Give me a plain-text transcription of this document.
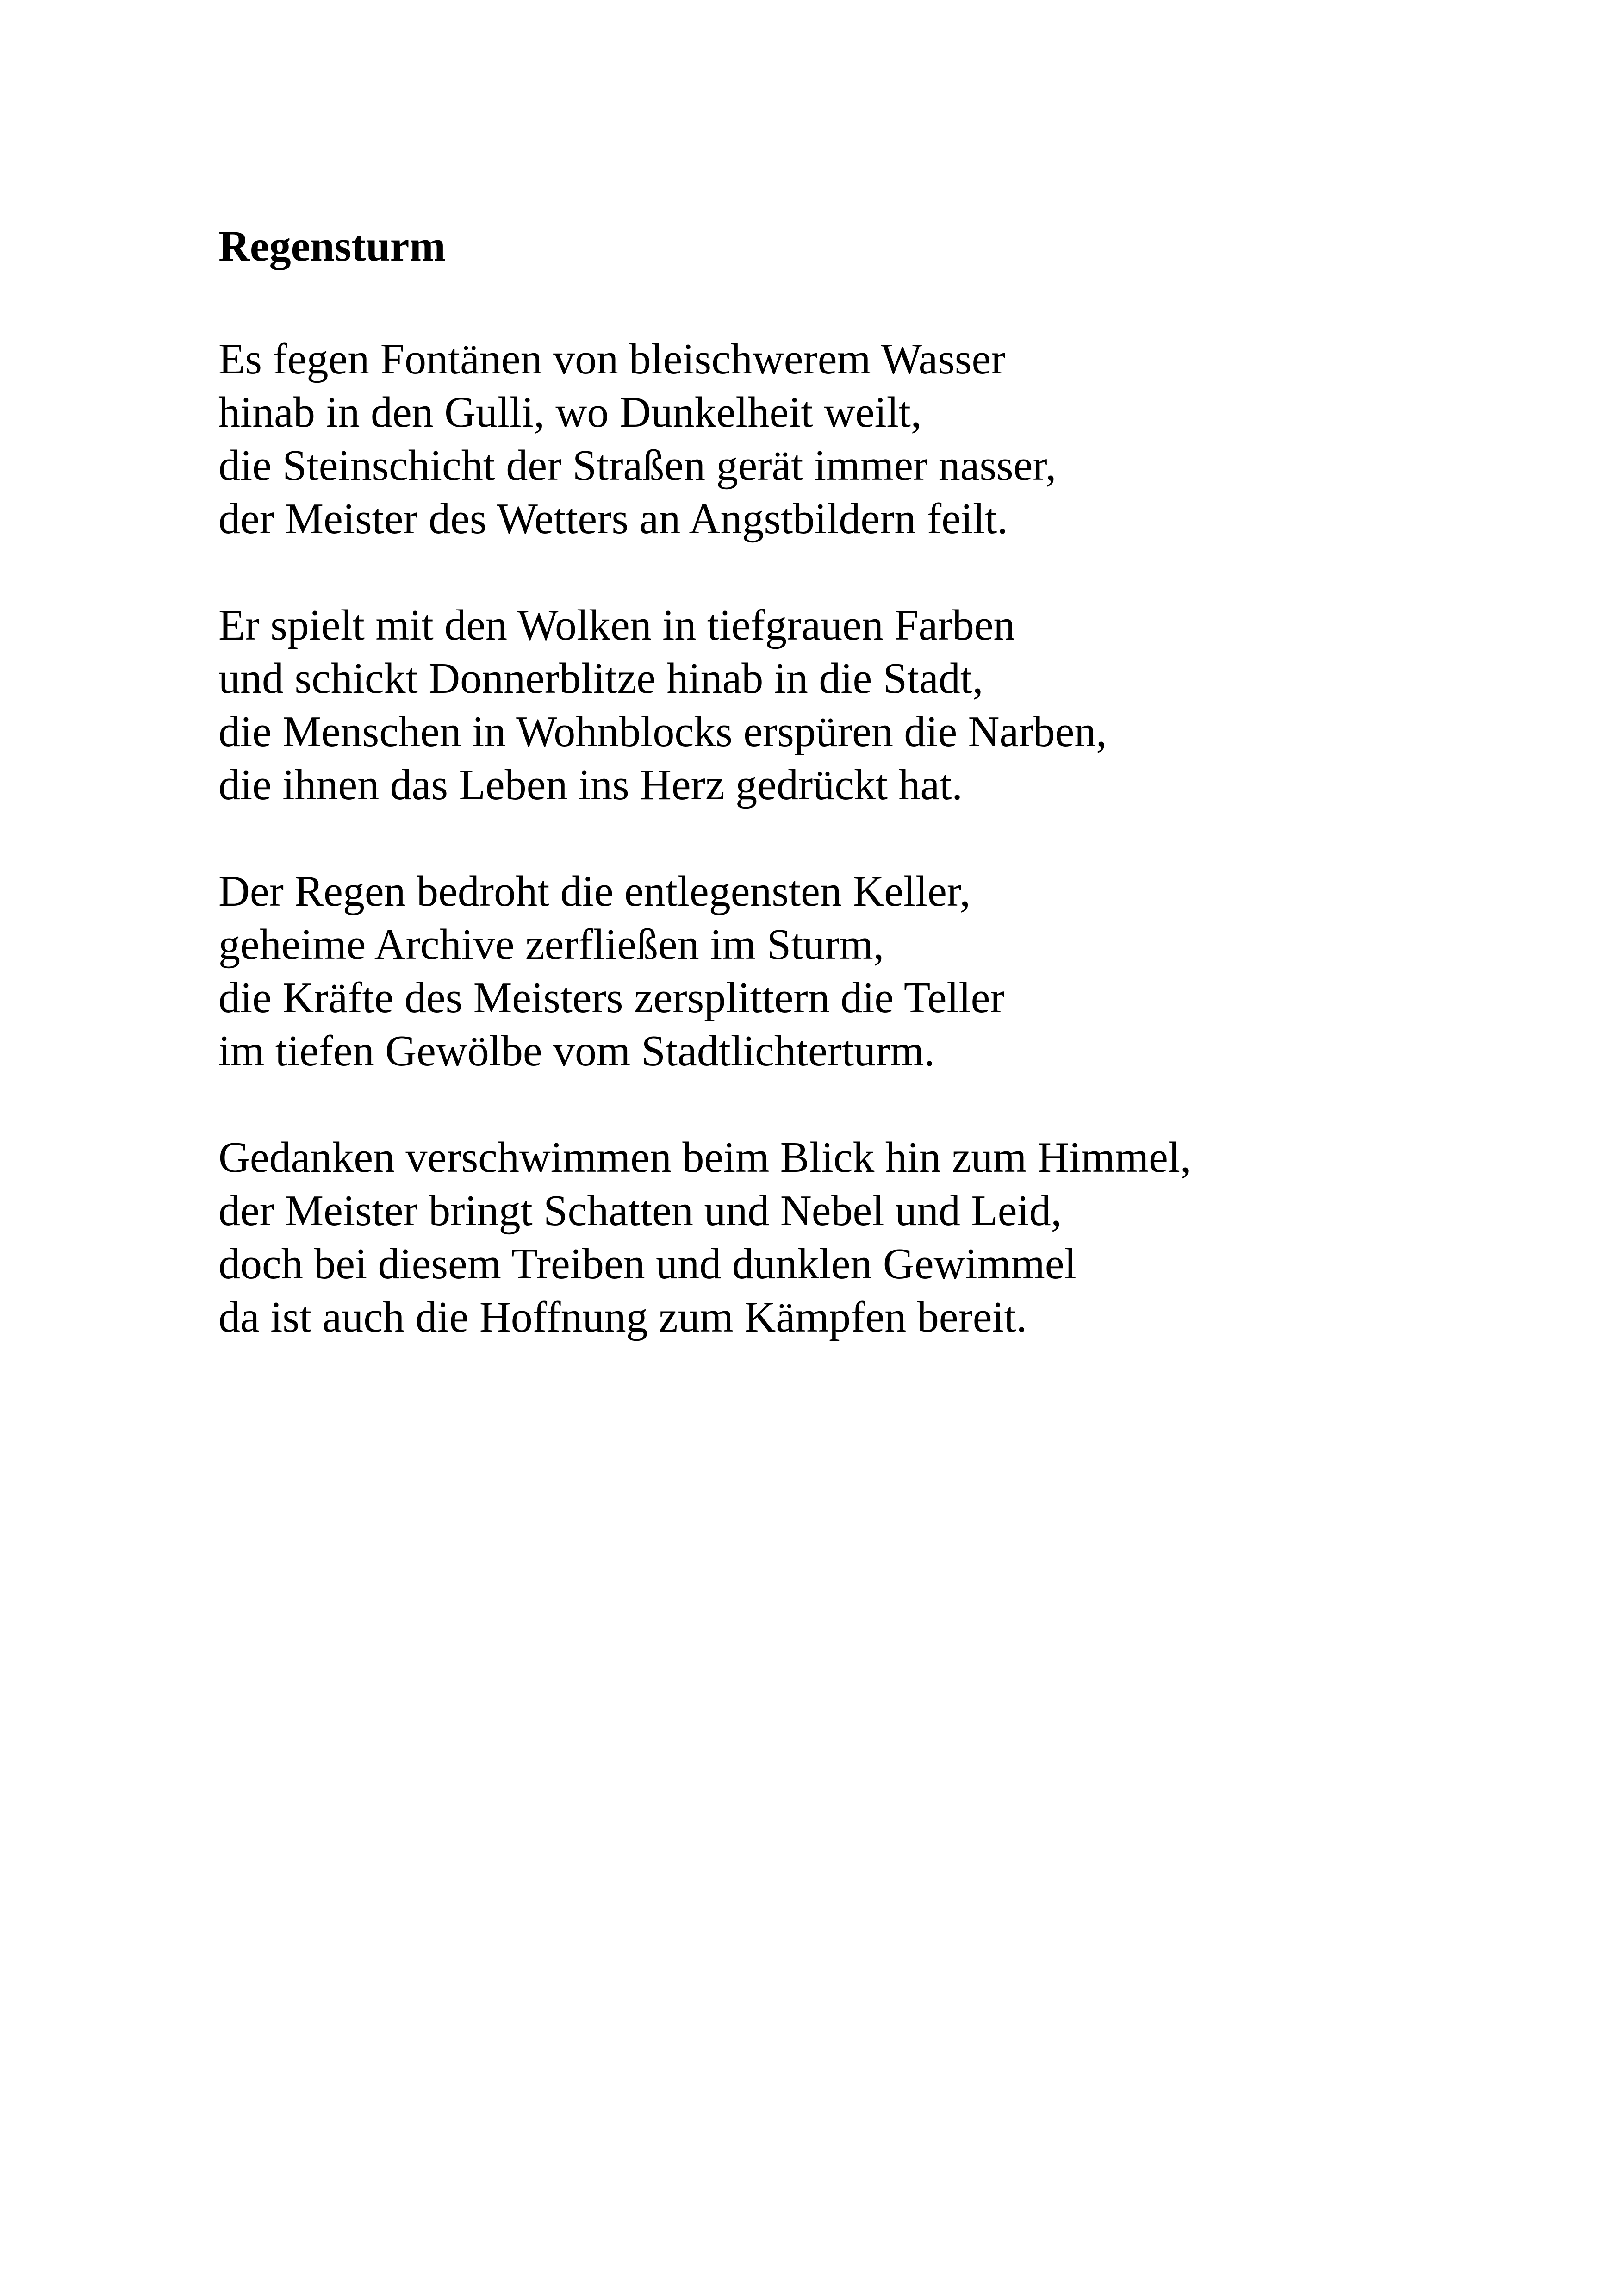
Regensturm
Es fegen Fontänen von bleischwerem Wasser
hinab in den Gulli, wo Dunkelheit weilt,
die Steinschicht der Straßen gerät immer nasser,
der Meister des Wetters an Angstbildern feilt.
Er spielt mit den Wolken in tiefgrauen Farben
und schickt Donnerblitze hinab in die Stadt,
die Menschen in Wohnblocks erspüren die Narben,
die ihnen das Leben ins Herz gedrückt hat.
Der Regen bedroht die entlegensten Keller,
geheime Archive zerfließen im Sturm,
die Kräfte des Meisters zersplittern die Teller
im tiefen Gewölbe vom Stadtlichterturm.
Gedanken verschwimmen beim Blick hin zum Himmel,
der Meister bringt Schatten und Nebel und Leid,
doch bei diesem Treiben und dunklen Gewimmel
da ist auch die Hoffnung zum Kämpfen bereit.
